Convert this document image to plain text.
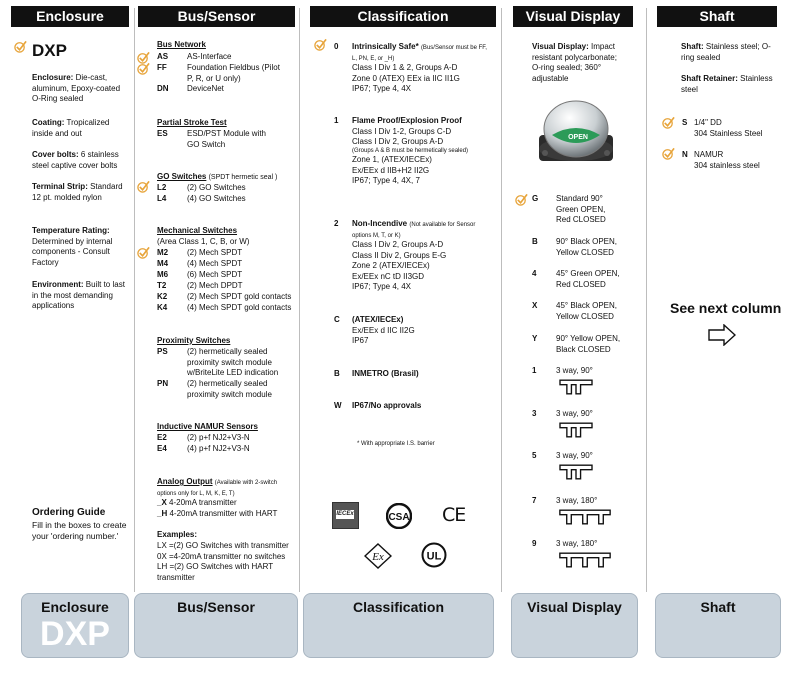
Enclosure
DXP
Enclosure: Die-cast, aluminum, Epoxy-coated O-Ring sealed
Coating: Tropicalized inside and out
Cover bolts: 6 stainless steel captive cover bolts
Terminal Strip: Standard 12 pt. molded nylon
Temperature Rating: Determined by internal components - Consult Factory
Environment: Built to last in the most demanding applications
Ordering Guide
Fill in the boxes to create your 'ordering number.'
Bus/Sensor
Bus Network
AS AS-Interface
FF	Foundation Fieldbus (Pilot P, R, or U only)
DN DeviceNet
Partial Stroke Test
ES ESD/PST Module with GO Switch
GO Switches (SPDT hermetic seal )
L2	(2) GO Switches
L4	(4) GO Switches
Mechanical Switches
(Area Class 1, C, B, or W)
M2 (2) Mech SPDT
M4 (4) Mech SPDT
M6 (6) Mech SPDT
T2	(2) Mech DPDT
K2 (2) Mech SPDT gold contacts
K4 (4) Mech SPDT gold contacts
Proximity Switches
PS (2) hermetically sealed proximity switch module w/BriteLite LED indication
PN (2) hermetically sealed proximity switch module
Inductive NAMUR Sensors
E2	(2) p+f NJ2+V3-N
E4	(4) p+f NJ2+V3-N
Analog Output (Available with 2-switch options only for L, M, K, E, T)
_X 4-20mA transmitter
_H 4-20mA transmitter with HART
Examples:
LX =(2) GO Switches with transmitter
0X =4-20mA transmitter no switches
LH =(2) GO Switches with HART transmitter
Classification
0 Intrinsically Safe* (Bus/Sensor must be FF, L, PN, E, or _H)
Class I Div 1 & 2, Groups A-D
Zone 0 (ATEX) EEx ia IIC II1G
IP67; Type 4, 4X
1 Flame Proof/Explosion Proof
Class I Div 1-2, Groups C-D
Class I Div 2, Groups A-D
(Groups A & B must be hermetically sealed)
Zone 1, (ATEX/IECEx)
Ex/EEx d IIB+H2 II2G
IP67; Type 4, 4X, 7
2 Non-Incendive (Not available for Sensor options M, T, or K)
Class I Div 2, Groups A-D
Class II Div 2, Groups E-G
Zone 2 (ATEX/IECEx)
Ex/EEx nC tD II3GD
IP67; Type 4, 4X
C (ATEX/IECEx)
Ex/EEx d IIC II2G
IP67
B INMETRO (Brasil)
W IP67/No approvals
* With appropriate I.S. barrier
IECEx	CSA CE
Ex	UL
Visual Display
Visual Display: Impact resistant polycarbonate; O-ring sealed; 360° adjustable
OPEN
G Standard 90°
Green OPEN,
Red CLOSED
B 90° Black OPEN,
Yellow CLOSED
4 45° Green OPEN,
Red CLOSED
X 45° Black OPEN,
Yellow CLOSED
Y 90° Yellow OPEN,
Black CLOSED
1 3 way, 90°
3 3 way, 90°
5 3 way, 90°
7 3 way, 180°
9 3 way, 180°
Shaft
Shaft: Stainless steel; O-ring sealed
Shaft Retainer: Stainless steel
S 1/4" DD
304 Stainless Steel
N NAMUR
304 stainless steel
See next column
Enclosure
DXP
Bus/Sensor	Classification	Visual Display	Shaft
